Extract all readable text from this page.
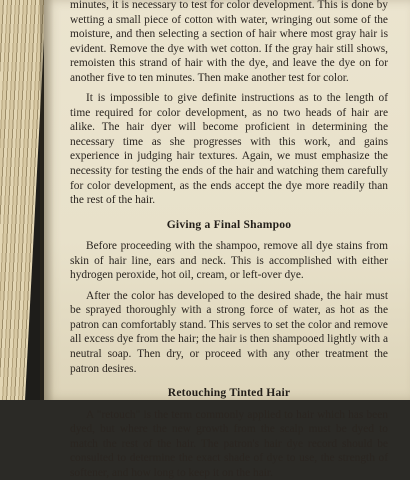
minutes, it is necessary to test for color development. This is done by wetting a small piece of cotton with water, wringing out some of the moisture, and then selecting a section of hair where most gray hair is evident. Remove the dye with wet cotton. If the gray hair still shows, remoisten this strand of hair with the dye, and leave the dye on for another five to ten minutes. Then make another test for color.

It is impossible to give definite instructions as to the length of time required for color development, as no two heads of hair are alike. The hair dyer will become proficient in determining the necessary time as she progresses with this work, and gains experience in judging hair textures. Again, we must emphasize the necessity for testing the ends of the hair and watching them carefully for color development, as the ends accept the dye more readily than the rest of the hair.

Giving a Final Shampoo

Before proceeding with the shampoo, remove all dye stains from skin of hair line, ears and neck. This is accomplished with either hydrogen peroxide, hot oil, cream, or left-over dye.

After the color has developed to the desired shade, the hair must be sprayed thoroughly with a strong force of water, as hot as the patron can comfortably stand. This serves to set the color and remove all excess dye from the hair; the hair is then shampooed lightly with a neutral soap. Then dry, or proceed with any other treatment the patron desires.

Retouching Tinted Hair

A "retouch" is the term commonly applied to hair which has been dyed, but where the new growth from the scalp must be dyed to match the rest of the hair. The patron's hair dye record should be consulted to determine the exact shade of dye to use, the strength of softener, and how long to keep it on the hair.
